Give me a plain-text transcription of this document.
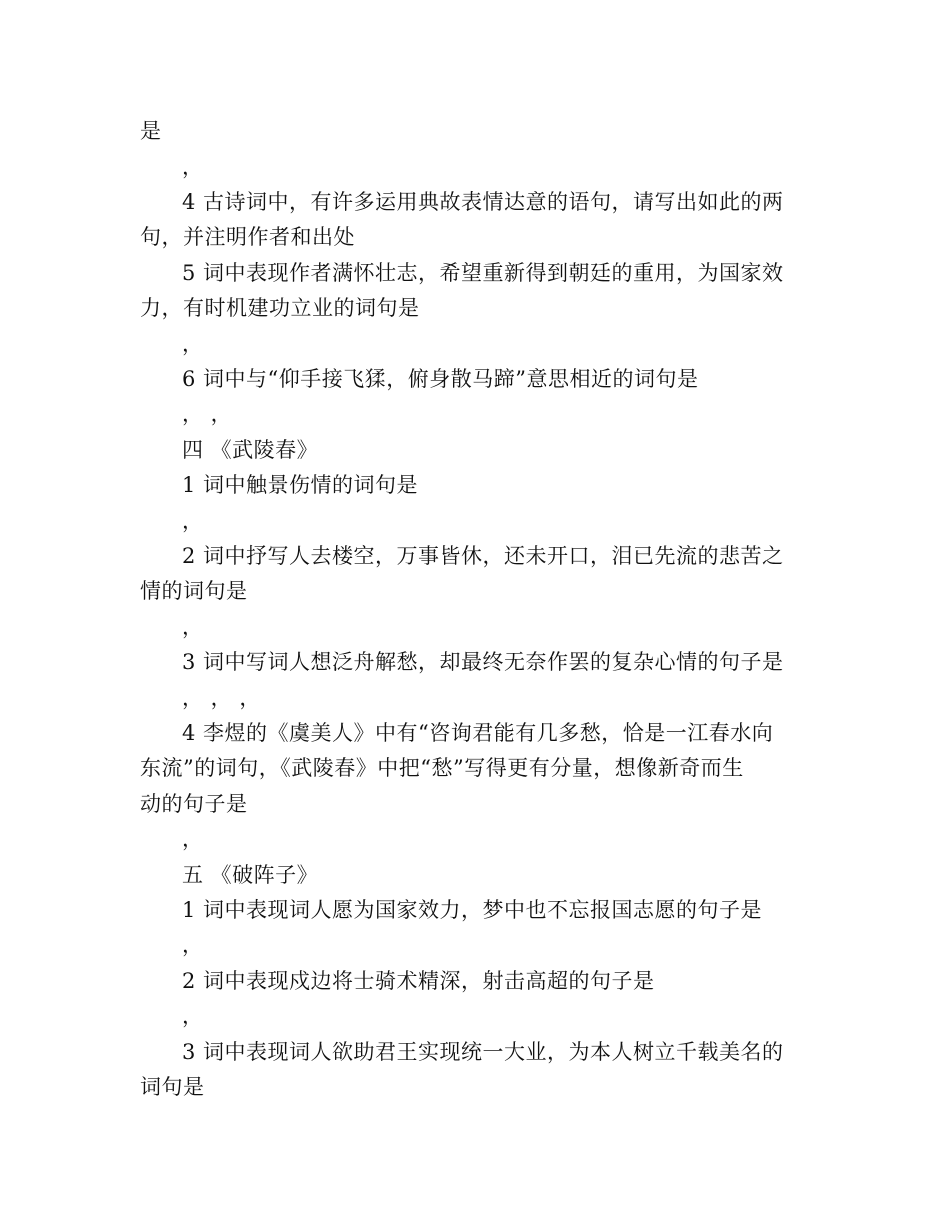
是
，
4 古诗词中，有许多运用典故表情达意的语句，请写出如此的两
句，并注明作者和出处
5 词中表现作者满怀壮志，希望重新得到朝廷的重用，为国家效
力，有时机建功立业的词句是
，
6 词中与“仰手接飞猱，俯身散马蹄”意思相近的词句是
， ，
四 《武陵春》
1 词中触景伤情的词句是
，
2 词中抒写人去楼空，万事皆休，还未开口，泪已先流的悲苦之
情的词句是
，
3 词中写词人想泛舟解愁，却最终无奈作罢的复杂心情的句子是
， ， ，
4 李煜的《虞美人》中有“咨询君能有几多愁，恰是一江春水向
东流”的词句，《武陵春》中把“愁”写得更有分量，想像新奇而生
动的句子是
，
五 《破阵子》
1 词中表现词人愿为国家效力，梦中也不忘报国志愿的句子是
，
2 词中表现戍边将士骑术精深，射击高超的句子是
，
3 词中表现词人欲助君王实现统一大业，为本人树立千载美名的
词句是
